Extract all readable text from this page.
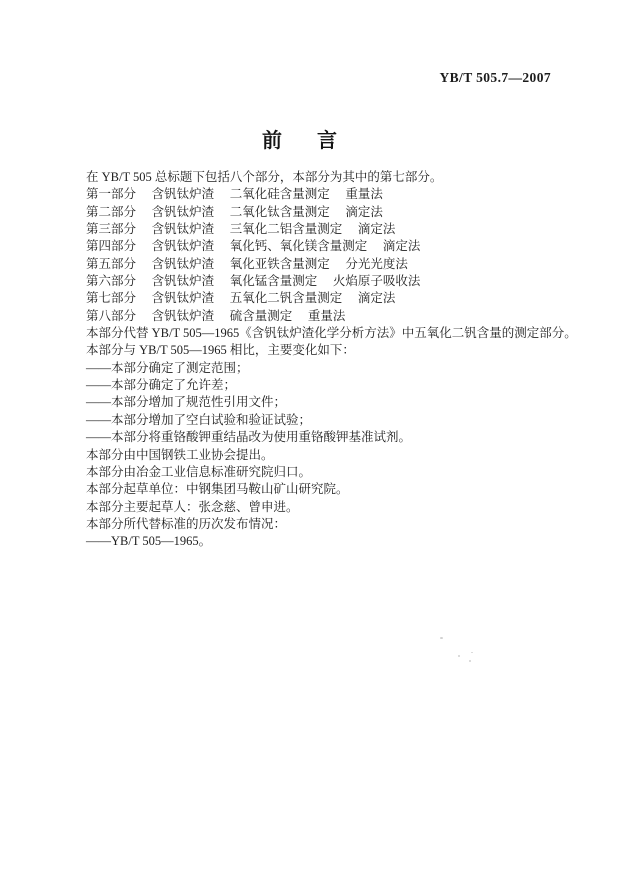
YB/T 505.7—2007
前言
在 YB/T 505 总标题下包括八个部分，本部分为其中的第七部分。
第一部分　 含钒钛炉渣　 二氧化硅含量测定　 重量法
第二部分　 含钒钛炉渣　 二氧化钛含量测定　 滴定法
第三部分　 含钒钛炉渣　 三氧化二铝含量测定　 滴定法
第四部分　 含钒钛炉渣　 氧化钙、氧化镁含量测定　 滴定法
第五部分　 含钒钛炉渣　 氧化亚铁含量测定　 分光光度法
第六部分　 含钒钛炉渣　 氧化锰含量测定　 火焰原子吸收法
第七部分　 含钒钛炉渣　 五氧化二钒含量测定　 滴定法
第八部分　 含钒钛炉渣　 硫含量测定　 重量法
本部分代替 YB/T 505—1965《含钒钛炉渣化学分析方法》中五氧化二钒含量的测定部分。
本部分与 YB/T 505—1965 相比，主要变化如下：
——本部分确定了测定范围；
——本部分确定了允许差；
——本部分增加了规范性引用文件；
——本部分增加了空白试验和验证试验；
——本部分将重铬酸钾重结晶改为使用重铬酸钾基准试剂。
本部分由中国钢铁工业协会提出。
本部分由冶金工业信息标准研究院归口。
本部分起草单位：中钢集团马鞍山矿山研究院。
本部分主要起草人：张念慈、曾申进。
本部分所代替标准的历次发布情况：
——YB/T 505—1965。
